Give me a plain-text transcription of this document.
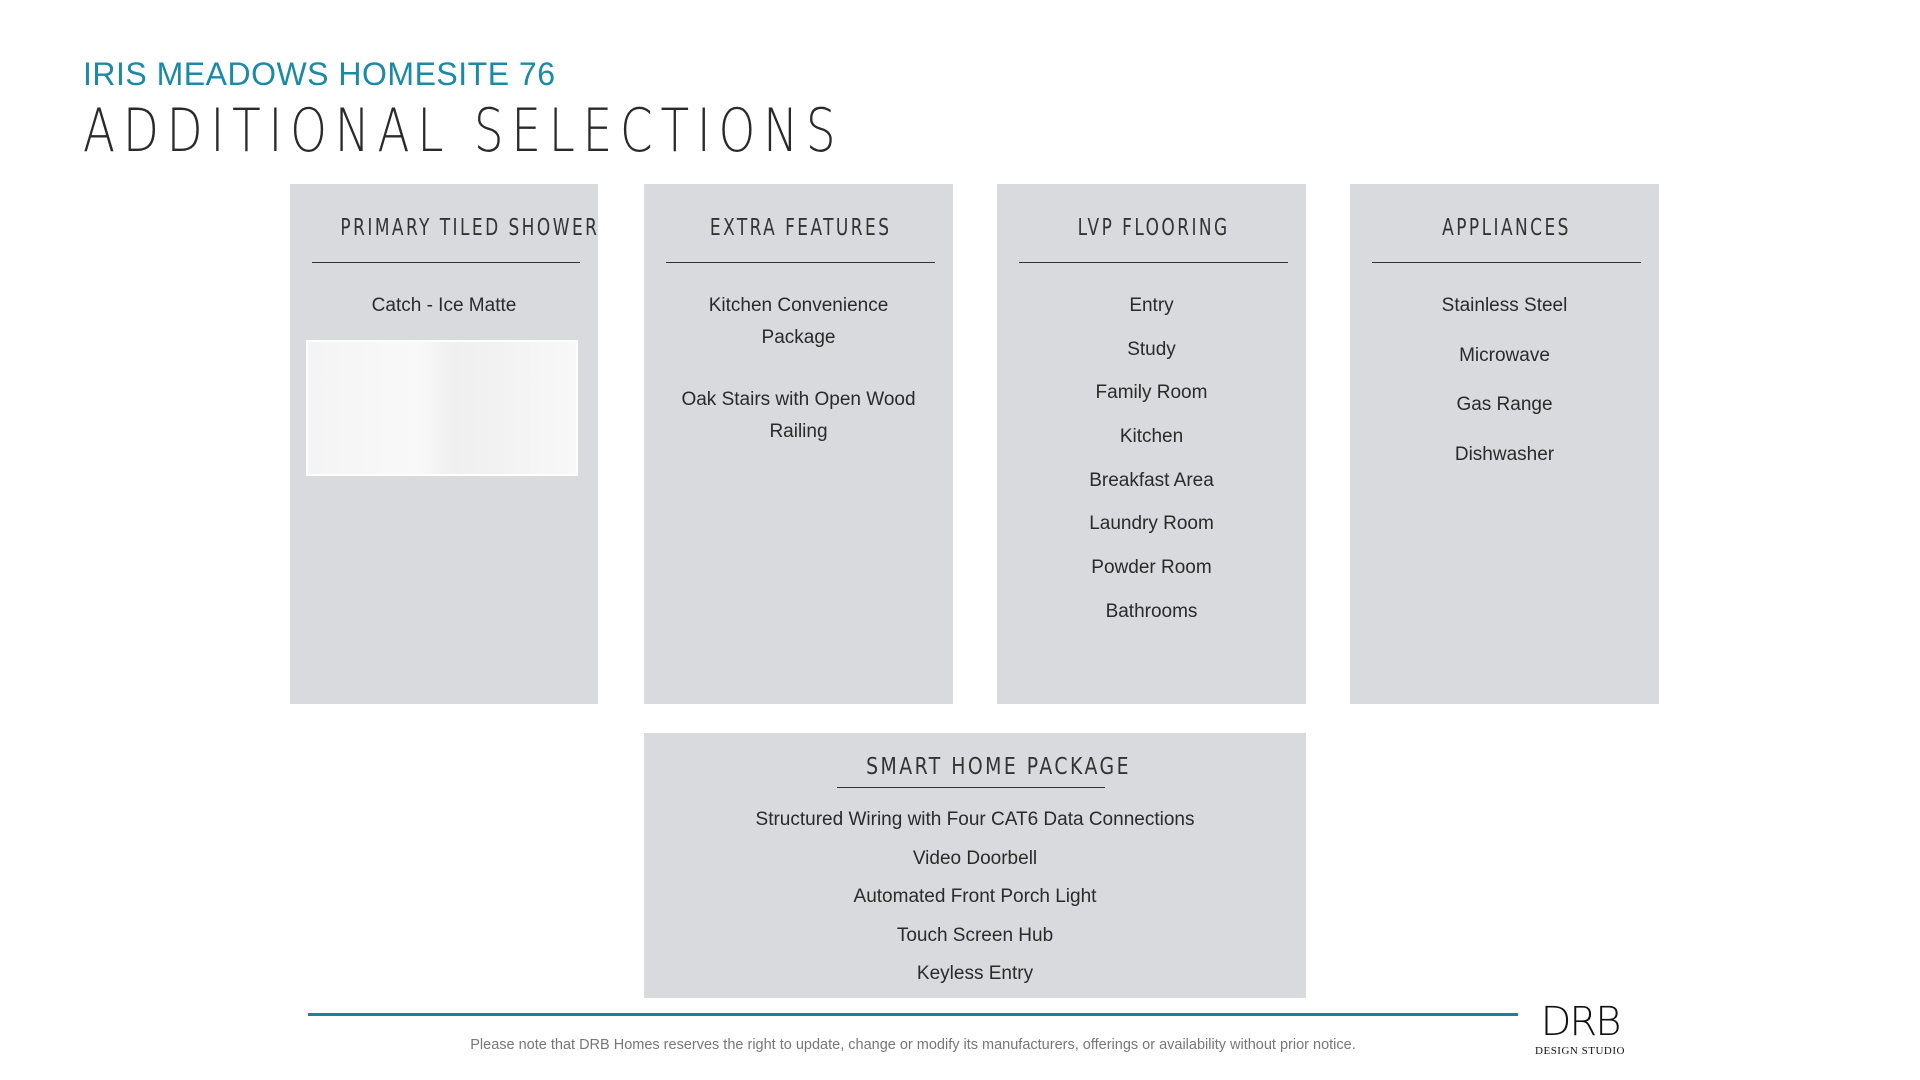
IRIS MEADOWS HOMESITE 76
ADDITIONAL SELECTIONS
PRIMARY TILED SHOWER
Catch - Ice Matte
EXTRA FEATURES
Kitchen Convenience
Package
Oak Stairs with Open Wood
Railing
LVP FLOORING
Entry
Study
Family Room
Kitchen
Breakfast Area
Laundry Room
Powder Room
Bathrooms
APPLIANCES
Stainless Steel
Microwave
Gas Range
Dishwasher
SMART HOME PACKAGE
Structured Wiring with Four CAT6 Data Connections
Video Doorbell
Automated Front Porch Light
Touch Screen Hub
Keyless Entry
Please note that DRB Homes reserves the right to update, change or modify its manufacturers, offerings or availability without prior notice.	DRB
DESIGN STUDIO
